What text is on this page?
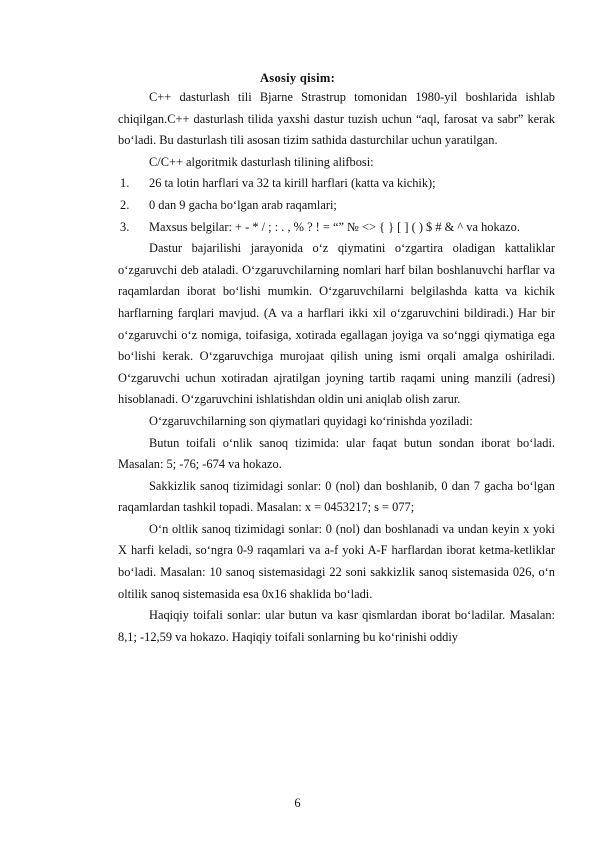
Asosiy qisim:

C++ dasturlash tili Bjarne Strastrup tomonidan 1980-yil boshlarida ishlab chiqilgan.C++ dasturlash tilida yaxshi dastur tuzish uchun “aql, farosat va sabr” kerak bo‘ladi. Bu dasturlash tili asosan tizim sathida dasturchilar uchun yaratilgan.

C/C++ algoritmik dasturlash tilining alifbosi:

1.	26 ta lotin harflari va 32 ta kirill harflari (katta va kichik);
2.	0 dan 9 gacha bo‘lgan arab raqamlari;
3.	Maxsus belgilar: + - * / ; : . , % ? ! = “” № <> { } [ ] ( ) $ # & ^ va hokazo.

Dastur bajarilishi jarayonida o‘z qiymatini o‘zgartira oladigan kattaliklar o‘zgaruvchi deb ataladi. O‘zgaruvchilarning nomlari harf bilan boshlanuvchi harflar va raqamlardan iborat bo‘lishi mumkin. O‘zgaruvchilarni belgilashda katta va kichik harflarning farqlari mavjud. (A va a harflari ikki xil o‘zgaruvchini bildiradi.) Har bir o‘zgaruvchi o‘z nomiga, toifasiga, xotirada egallagan joyiga va so‘nggi qiymatiga ega bo‘lishi kerak. O‘zgaruvchiga murojaat qilish uning ismi orqali amalga oshiriladi. O‘zgaruvchi uchun xotiradan ajratilgan joyning tartib raqami uning manzili (adresi) hisoblanadi. O‘zgaruvchini ishlatishdan oldin uni aniqlab olish zarur.

O‘zgaruvchilarning son qiymatlari quyidagi ko‘rinishda yoziladi:

Butun toifali o‘nlik sanoq tizimida: ular faqat butun sondan iborat bo‘ladi. Masalan: 5; -76; -674 va hokazo.

Sakkizlik sanoq tizimidagi sonlar: 0 (nol) dan boshlanib, 0 dan 7 gacha bo‘lgan raqamlardan tashkil topadi. Masalan: x = 0453217; s = 077;

O‘n oltlik sanoq tizimidagi sonlar: 0 (nol) dan boshlanadi va undan keyin x yoki X harfi keladi, so‘ngra 0-9 raqamlari va a-f yoki A-F harflardan iborat ketma-ketliklar bo‘ladi. Masalan: 10 sanoq sistemasidagi 22 soni sakkizlik sanoq sistemasida 026, o‘n oltilik sanoq sistemasida esa 0x16 shaklida bo‘ladi.

Haqiqiy toifali sonlar: ular butun va kasr qismlardan iborat bo‘ladilar. Masalan: 8,1; -12,59 va hokazo. Haqiqiy toifali sonlarning bu ko‘rinishi oddiy

6
